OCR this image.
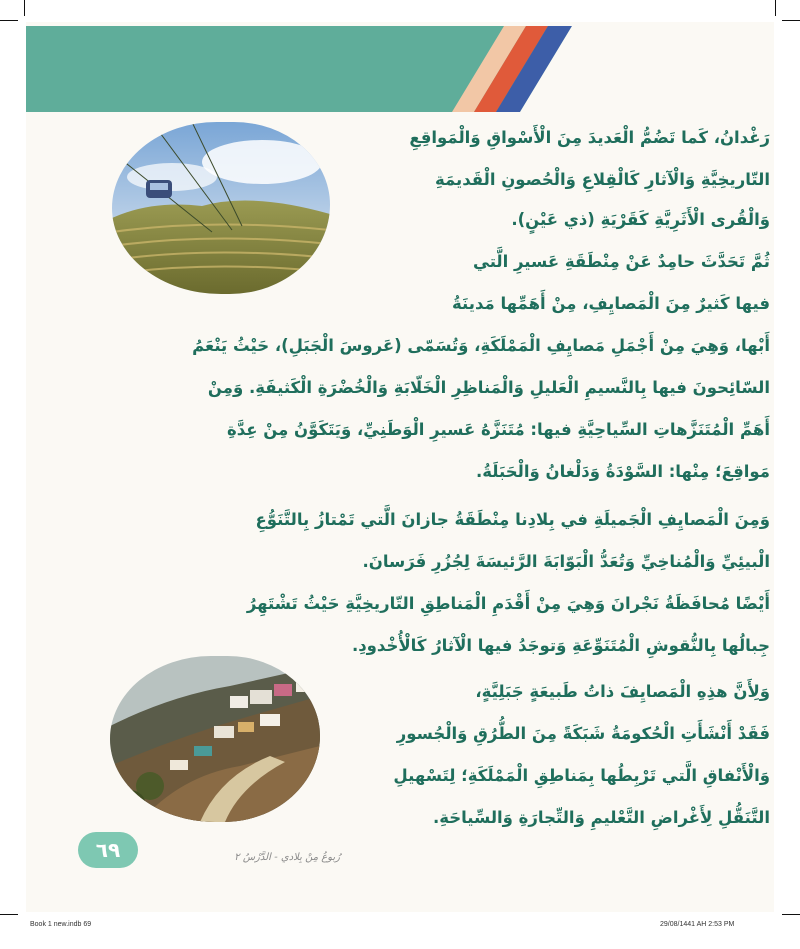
رَغْدانُ، كَما تَضُمُّ الْعَديدَ مِنَ الْأَسْواقِ وَالْمَواقِعِ
التّاريخِيَّةِ وَالْآثارِ كَالْقِلاعِ وَالْحُصونِ الْقَديمَةِ
وَالْقُرى الْأَثَرِيَّةِ كَقَرْيَةِ (ذي عَيْنٍ).
ثُمَّ تَحَدَّثَ حامِدٌ عَنْ مِنْطَقَةِ عَسيرِ الَّتي
فيها كَثيرٌ مِنَ الْمَصايِفِ، مِنْ أَهَمِّها مَدينَةُ
أَبْها، وَهِيَ مِنْ أَجْمَلِ مَصايِفِ الْمَمْلَكَةِ، وَتُسَمّى (عَروسَ الْجَبَلِ)، حَيْثُ يَنْعَمُ
السّائِحونَ فيها بِالنَّسيمِ الْعَليلِ وَالْمَناظِرِ الْخَلّابَةِ وَالْخُضْرَةِ الْكَثيفَةِ. وَمِنْ
أَهَمِّ الْمُتَنَزَّهاتِ السِّياحِيَّةِ فيها: مُتَنَزَّهُ عَسيرِ الْوَطَنِيِّ، وَيَتَكَوَّنُ مِنْ عِدَّةِ
مَواقِعَ؛ مِنْها: السَّوْدَةُ وَدَلْغانُ وَالْحَبَلَةُ.
وَمِنَ الْمَصايِفِ الْجَميلَةِ في بِلادِنا مِنْطَقَةُ جازانَ الَّتي تَمْتازُ بِالتَّنَوُّعِ
الْبيئِيِّ وَالْمُناخِيِّ وَتُعَدُّ الْبَوّابَةَ الرَّئيسَةَ لِجُزُرِ فَرَسانَ.
أَيْضًا مُحافَظَةُ نَجْرانَ وَهِيَ مِنْ أَقْدَمِ الْمَناطِقِ التّاريخِيَّةِ حَيْثُ تَشْتَهِرُ
جِبالُها بِالنُّقوشِ الْمُتَنَوِّعَةِ وَتوجَدُ فيها الْآثارُ كَالْأُخْدودِ.
وَلِأَنَّ هذِهِ الْمَصايِفَ ذاتُ طَبيعَةٍ جَبَلِيَّةٍ،
فَقَدْ أَنْشَأَتِ الْحُكومَةُ شَبَكَةً مِنَ الطُّرُقِ وَالْجُسورِ
وَالْأَنْفاقِ الَّتي تَرْبِطُها بِمَناطِقِ الْمَمْلَكَةِ؛ لِتَسْهيلِ
التَّنَقُّلِ لِأَغْراضِ التَّعْليمِ وَالتِّجارَةِ وَالسِّياحَةِ.
٦٩	رُبوعُ مِنْ بِلادي - الدَّرْسُ ٢
Book 1 new.indb 69	29/08/1441 AH 2:53 PM
